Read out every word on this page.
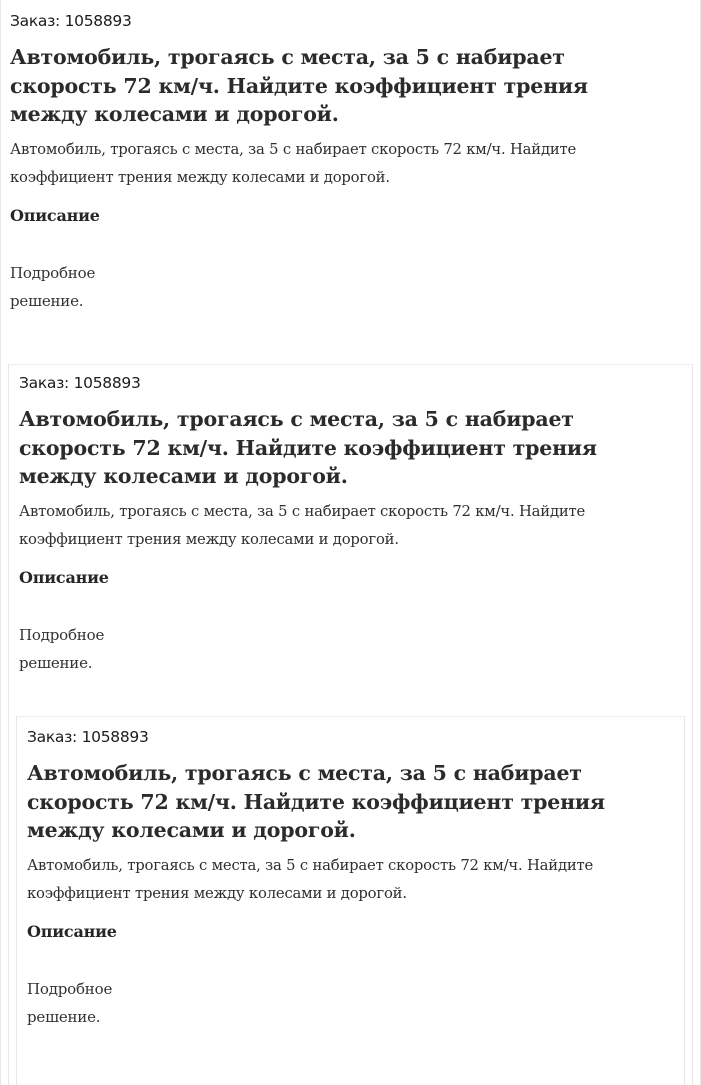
Заказ: 1058893
Автомобиль, трогаясь с места, за 5 с набирает скорость 72 км/ч. Найдите коэффициент трения между колесами и дорогой.
Автомобиль, трогаясь с места, за 5 с набирает скорость 72 км/ч. Найдите коэффициент трения между колесами и дорогой.
Описание
Подробное решение.
Заказ: 1058893
Автомобиль, трогаясь с места, за 5 с набирает скорость 72 км/ч. Найдите коэффициент трения между колесами и дорогой.
Автомобиль, трогаясь с места, за 5 с набирает скорость 72 км/ч. Найдите коэффициент трения между колесами и дорогой.
Описание
Подробное решение.
Заказ: 1058893
Автомобиль, трогаясь с места, за 5 с набирает скорость 72 км/ч. Найдите коэффициент трения между колесами и дорогой.
Автомобиль, трогаясь с места, за 5 с набирает скорость 72 км/ч. Найдите коэффициент трения между колесами и дорогой.
Описание
Подробное решение.
